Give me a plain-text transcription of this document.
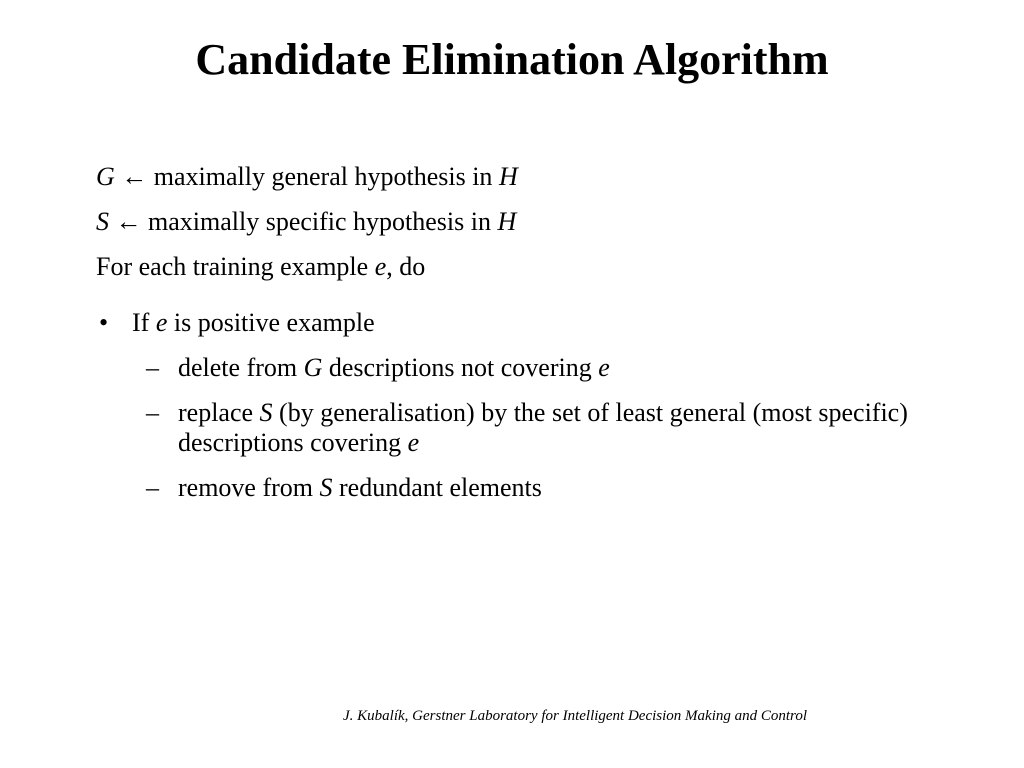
Candidate Elimination Algorithm

G ← maximally general hypothesis in H

S ← maximally specific hypothesis in H

For each training example e, do

• If e is positive example
– delete from G descriptions not covering e
– replace S (by generalisation) by the set of least general (most specific) descriptions covering e
– remove from S redundant elements
J. Kubalík, Gerstner Laboratory for Intelligent Decision Making and Control
